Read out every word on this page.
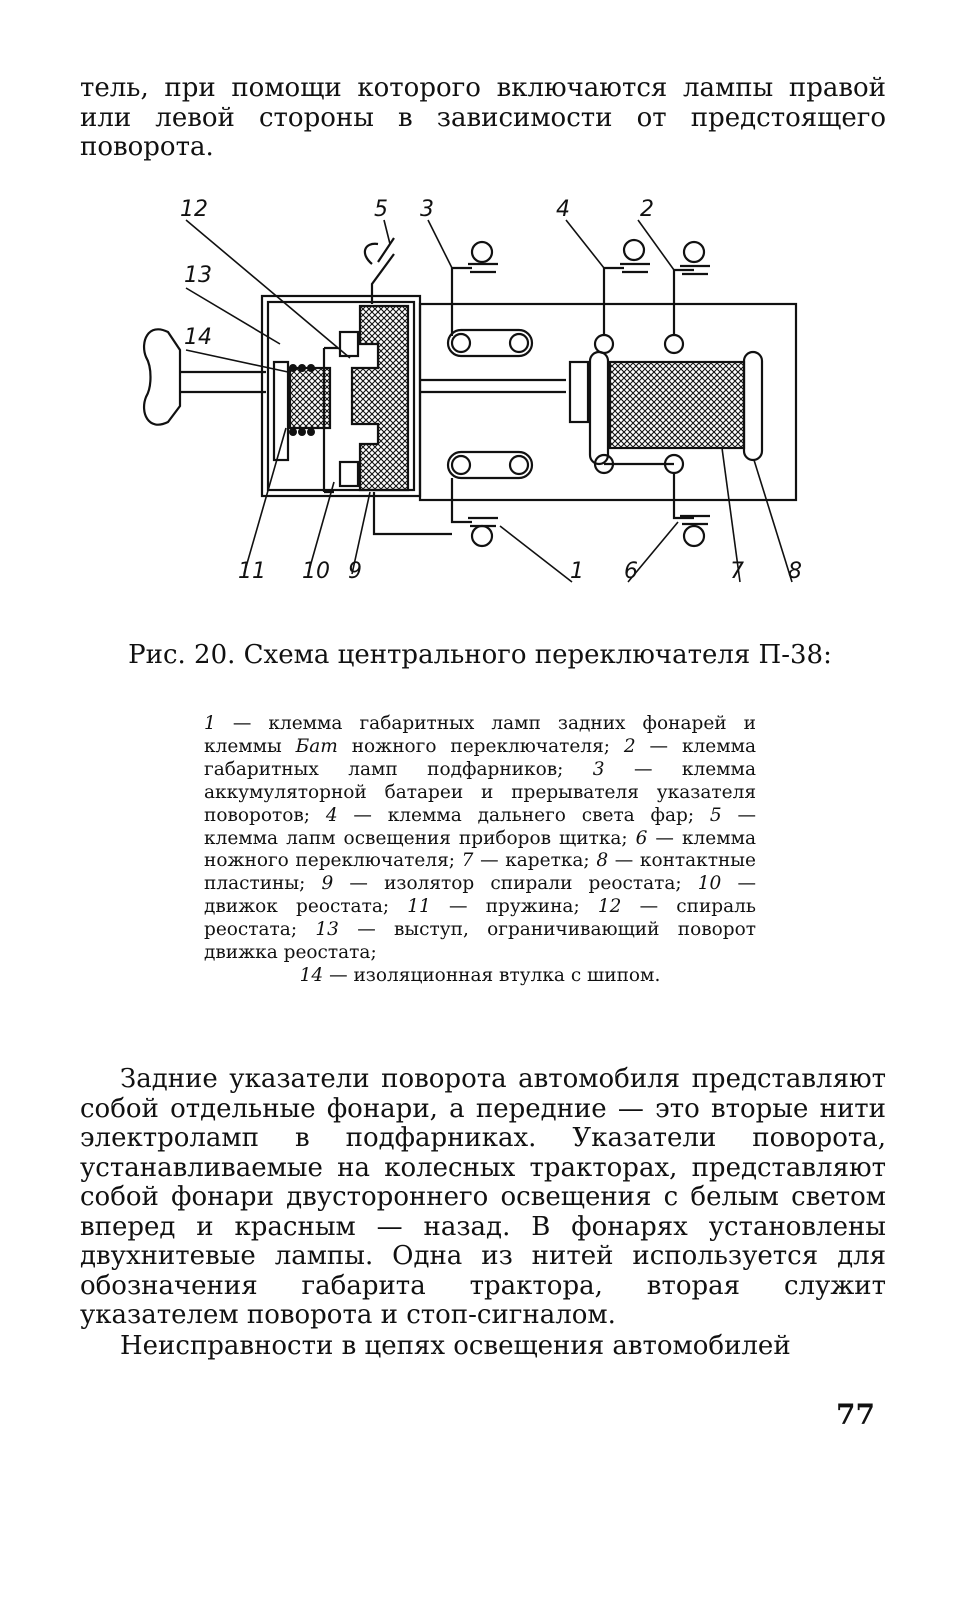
тель, при помощи которого включаются лампы правой или левой стороны в зависимости от предстоящего поворота.

12	5 3	4	2
13
14
11 10 9	1 6	7 8

Рис. 20. Схема центрального переключателя П-38:

1 — клемма габаритных ламп задних фонарей и клеммы Бат ножного переключателя; 2 — клемма габаритных ламп подфарников; 3 — клемма аккумуляторной батареи и прерывателя указателя поворотов; 4 — клемма дальнего света фар; 5 — клемма лапм освещения приборов щитка; 6 — клемма ножного переключателя; 7 — каретка; 8 — контактные пластины; 9 — изолятор спирали реостата; 10 — движок реостата; 11 — пружина; 12 — спираль реостата; 13 — выступ, ограничивающий поворот движка реостата;
14 — изоляционная втулка с шипом.

Задние указатели поворота автомобиля представляют собой отдельные фонари, а передние — это вторые нити электроламп в подфарниках. Указатели поворота, устанавливаемые на колесных тракторах, представляют собой фонари двустороннего освещения с белым светом вперед и красным — назад. В фонарях установлены двухнитевые лампы. Одна из нитей используется для обозначения габарита трактора, вторая служит указателем поворота и стоп-сигналом.

Неисправности в цепях освещения автомобилей

77
